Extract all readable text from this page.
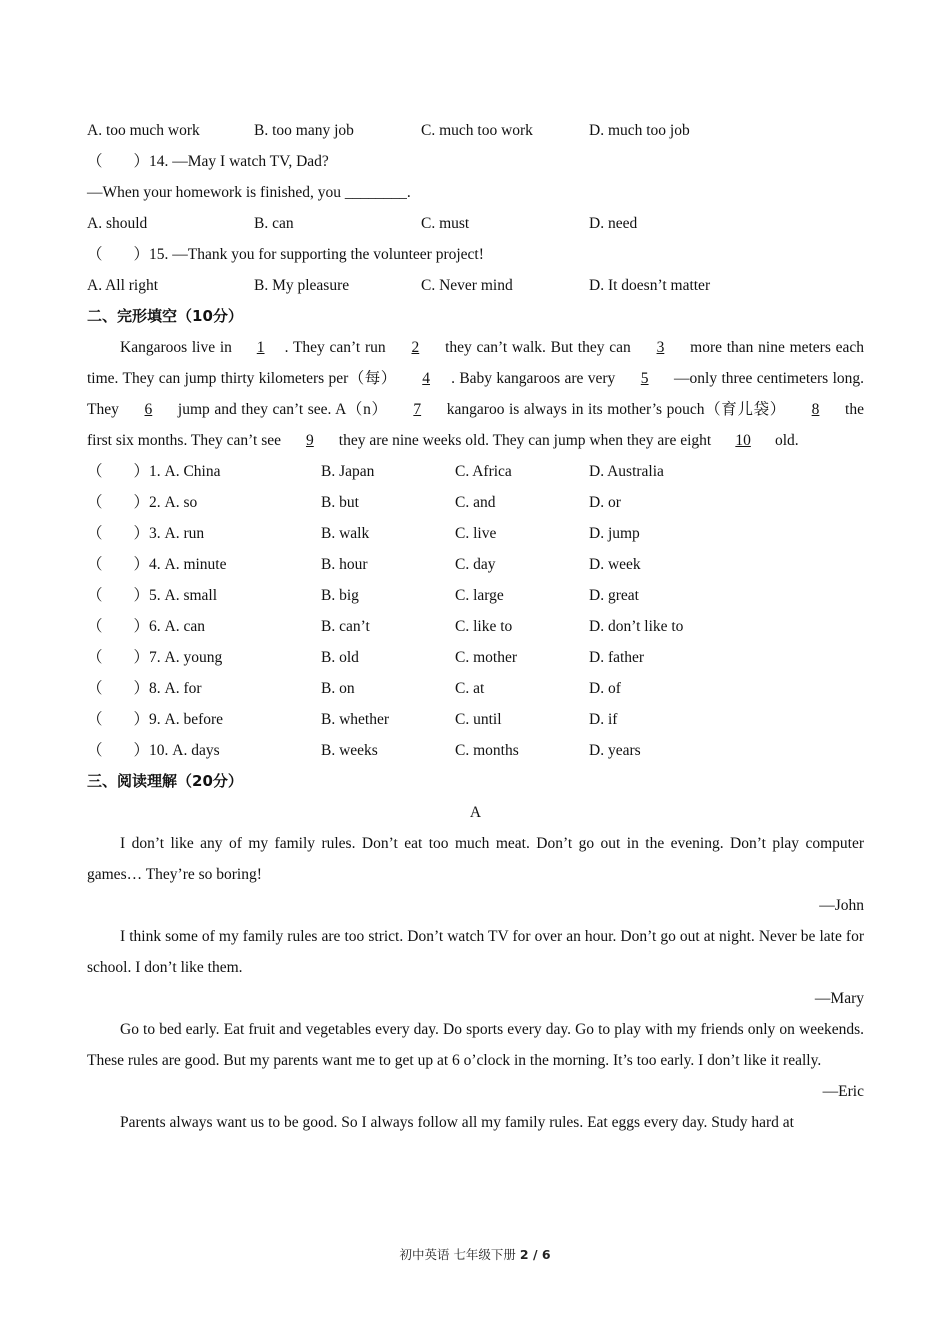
A. too much work	B. too many job	C. much too work	D. much too job
（　　）14. —May I watch TV, Dad?
—When your homework is finished, you ________.
A. should	B. can	C. must	D. need
（　　）15. —Thank you for supporting the volunteer project!
A. All right	B. My pleasure	C. Never mind	D. It doesn’t matter
二、完形填空（10分）
Kangaroos live in 1 . They can’t run 2 they can’t walk. But they can 3 more than nine meters each time. They can jump thirty kilometers per（每） 4 . Baby kangaroos are very 5 —only three centimeters long. They 6 jump and they can’t see. A（n） 7 kangaroo is always in its mother’s pouch（育儿袋） 8 the first six months. They can’t see 9 they are nine weeks old. They can jump when they are eight 10 old.
（　　）1. A. China	B. Japan	C. Africa	D. Australia
（　　）2. A. so	B. but	C. and	D. or
（　　）3. A. run	B. walk	C. live	D. jump
（　　）4. A. minute	B. hour	C. day	D. week
（　　）5. A. small	B. big	C. large	D. great
（　　）6. A. can	B. can’t	C. like to	D. don’t like to
（　　）7. A. young	B. old	C. mother	D. father
（　　）8. A. for	B. on	C. at	D. of
（　　）9. A. before	B. whether	C. until	D. if
（　　）10. A. days	B. weeks	C. months	D. years
三、阅读理解（20分）
A
I don’t like any of my family rules. Don’t eat too much meat. Don’t go out in the evening. Don’t play computer games… They’re so boring!
—John
I think some of my family rules are too strict. Don’t watch TV for over an hour. Don’t go out at night. Never be late for school. I don’t like them.
—Mary
Go to bed early. Eat fruit and vegetables every day. Do sports every day. Go to play with my friends only on weekends. These rules are good. But my parents want me to get up at 6 o’clock in the morning. It’s too early. I don’t like it really.
—Eric
Parents always want us to be good. So I always follow all my family rules. Eat eggs every day. Study hard at
初中英语 七年级下册 2 / 6
